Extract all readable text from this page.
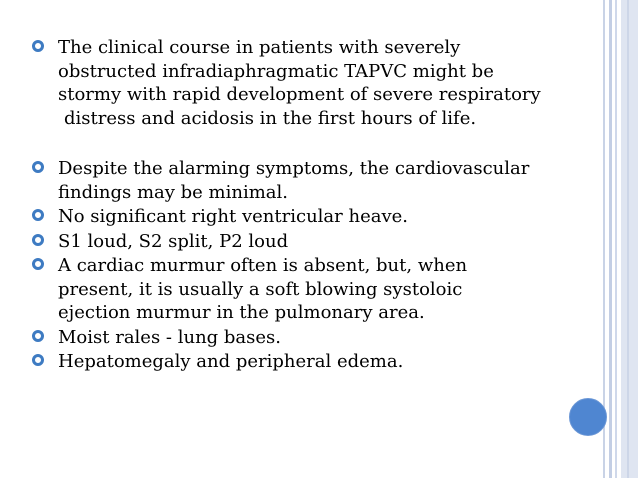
The clinical course in patients with severely
obstructed infradiaphragmatic TAPVC might be
stormy with rapid development of severe respiratory
distress and acidosis in the first hours of life.
Despite the alarming symptoms, the cardiovascular
findings may be minimal.
No significant right ventricular heave.
S1 loud, S2 split, P2 loud
A cardiac murmur often is absent, but, when
present, it is usually a soft blowing systoloic
ejection murmur in the pulmonary area.
Moist rales - lung bases.
Hepatomegaly and peripheral edema.
